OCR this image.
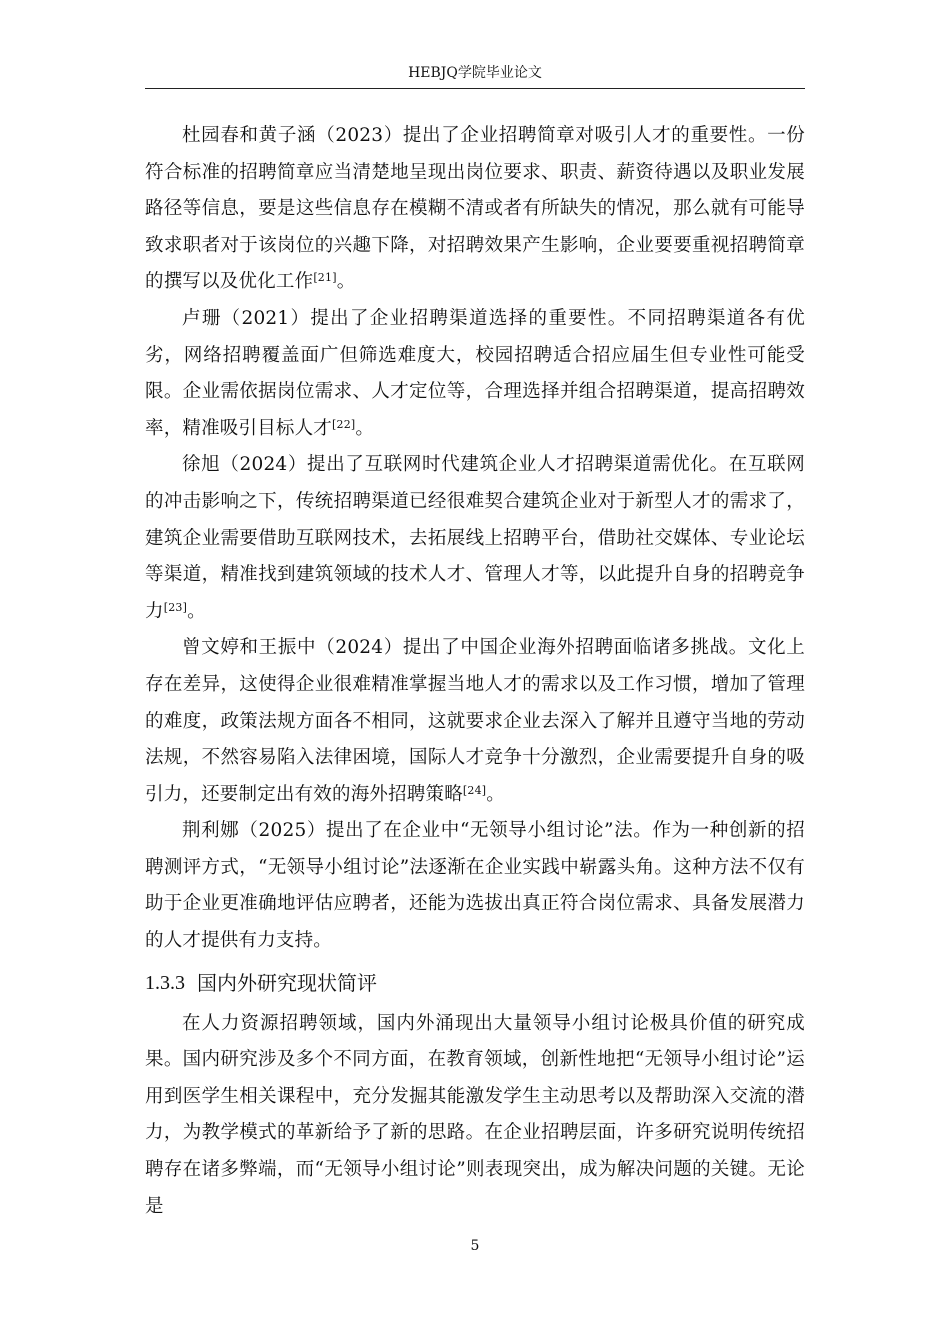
HEBJQ学院毕业论文

杜园春和黄子涵（2023）提出了企业招聘简章对吸引人才的重要性。一份符合标准的招聘简章应当清楚地呈现出岗位要求、职责、薪资待遇以及职业发展路径等信息，要是这些信息存在模糊不清或者有所缺失的情况，那么就有可能导致求职者对于该岗位的兴趣下降，对招聘效果产生影响，企业要要重视招聘简章的撰写以及优化工作[21]。

卢珊（2021）提出了企业招聘渠道选择的重要性。不同招聘渠道各有优劣，网络招聘覆盖面广但筛选难度大，校园招聘适合招应届生但专业性可能受限。企业需依据岗位需求、人才定位等，合理选择并组合招聘渠道，提高招聘效率，精准吸引目标人才[22]。

徐旭（2024）提出了互联网时代建筑企业人才招聘渠道需优化。在互联网的冲击影响之下，传统招聘渠道已经很难契合建筑企业对于新型人才的需求了，建筑企业需要借助互联网技术，去拓展线上招聘平台，借助社交媒体、专业论坛等渠道，精准找到建筑领域的技术人才、管理人才等，以此提升自身的招聘竞争力[23]。

曾文婷和王振中（2024）提出了中国企业海外招聘面临诸多挑战。文化上存在差异，这使得企业很难精准掌握当地人才的需求以及工作习惯，增加了管理的难度，政策法规方面各不相同，这就要求企业去深入了解并且遵守当地的劳动法规，不然容易陷入法律困境，国际人才竞争十分激烈，企业需要提升自身的吸引力，还要制定出有效的海外招聘策略[24]。

荆利娜（2025）提出了在企业中“无领导小组讨论”法。作为一种创新的招聘测评方式，“无领导小组讨论”法逐渐在企业实践中崭露头角。这种方法不仅有助于企业更准确地评估应聘者，还能为选拔出真正符合岗位需求、具备发展潜力的人才提供有力支持。

1.3.3 国内外研究现状简评

在人力资源招聘领域，国内外涌现出大量领导小组讨论极具价值的研究成果。国内研究涉及多个不同方面，在教育领域，创新性地把“无领导小组讨论”运用到医学生相关课程中，充分发掘其能激发学生主动思考以及帮助深入交流的潜力，为教学模式的革新给予了新的思路。在企业招聘层面，许多研究说明传统招聘存在诸多弊端，而“无领导小组讨论”则表现突出，成为解决问题的关键。无论是

5
